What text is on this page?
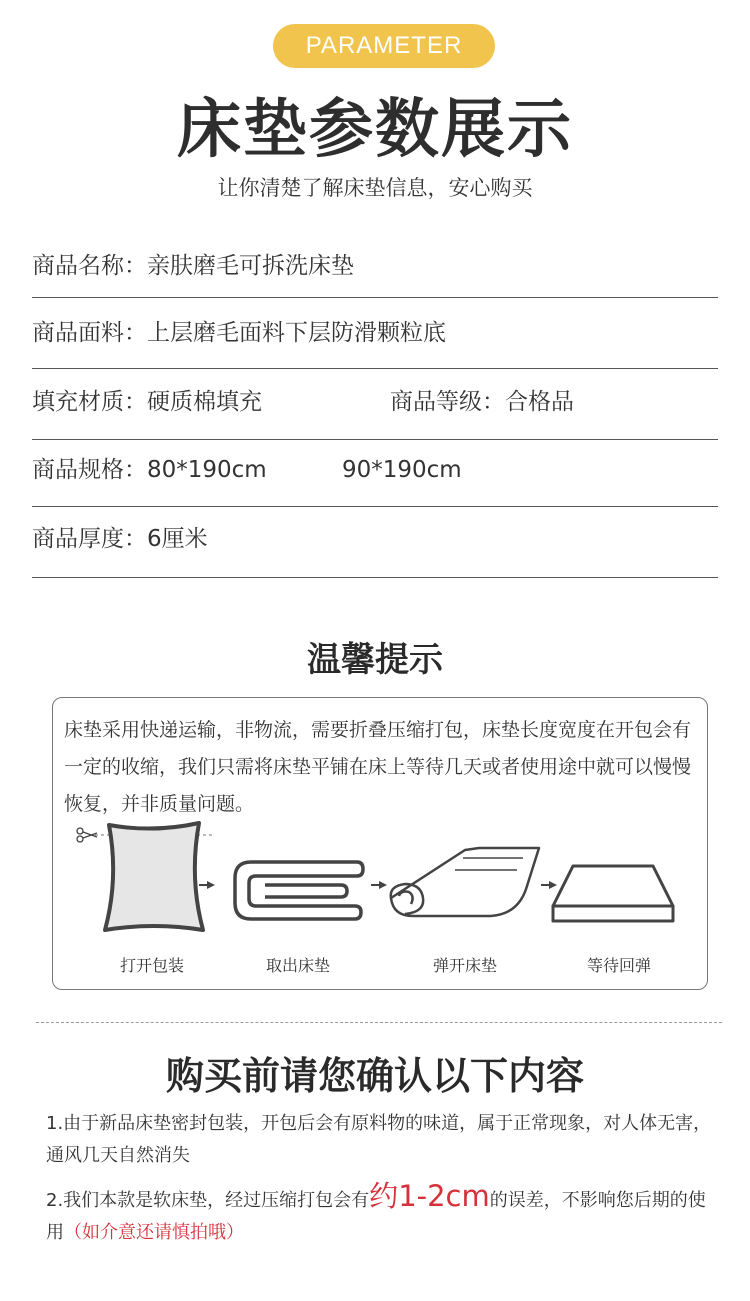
PARAMETER
床垫参数展示
让你清楚了解床垫信息，安心购买
商品名称：亲肤磨毛可拆洗床垫
商品面料：上层磨毛面料下层防滑颗粒底
填充材质：硬质棉填充	商品等级：合格品
商品规格：80*190cm	90*190cm
商品厚度：6厘米
温馨提示
床垫采用快递运输，非物流，需要折叠压缩打包，床垫长度宽度在开包会有一定的收缩，我们只需将床垫平铺在床上等待几天或者使用途中就可以慢慢恢复，并非质量问题。
打开包装	取出床垫	弹开床垫	等待回弹
购买前请您确认以下内容
1.由于新品床垫密封包装，开包后会有原料物的味道，属于正常现象，对人体无害，通风几天自然消失
2.我们本款是软床垫，经过压缩打包会有约1-2cm的误差，不影响您后期的使用（如介意还请慎拍哦）
